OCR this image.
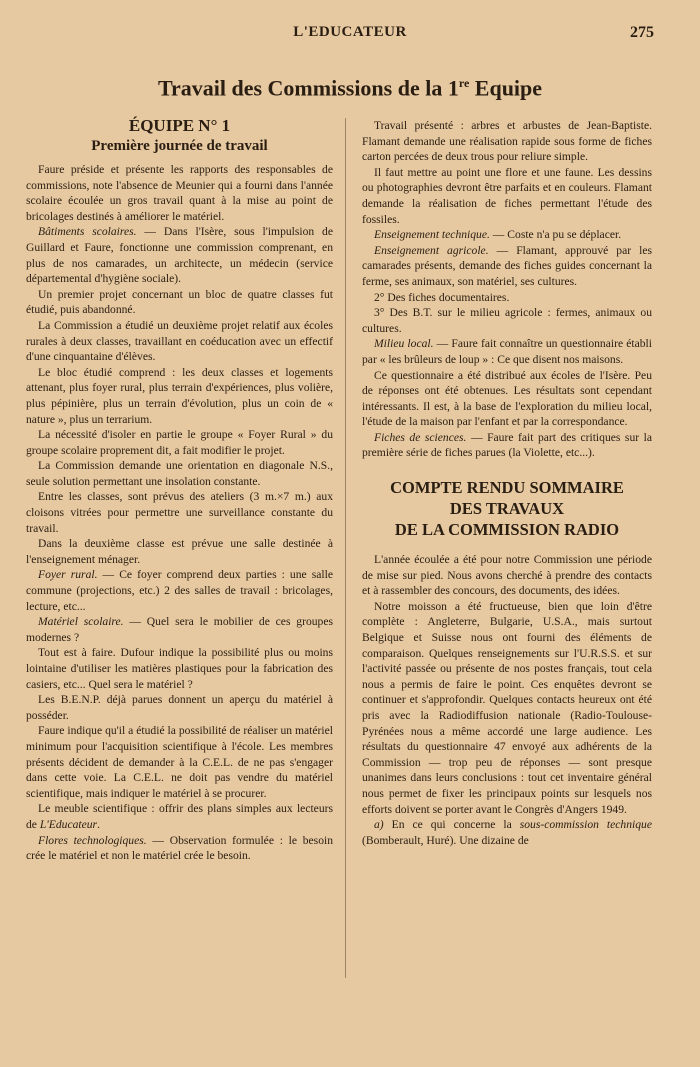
L'EDUCATEUR	275
Travail des Commissions de la 1re Equipe
ÉQUIPE N° 1
Première journée de travail

Faure préside et présente les rapports des responsables de commissions, note l'absence de Meunier qui a fourni dans l'année scolaire écoulée un gros travail quant à la mise au point de bricolages destinés à améliorer le matériel.

Bâtiments scolaires. — Dans l'Isère, sous l'impulsion de Guillard et Faure, fonctionne une commission comprenant, en plus de nos camarades, un architecte, un médecin (service départemental d'hygiène sociale).

Un premier projet concernant un bloc de quatre classes fut étudié, puis abandonné.

La Commission a étudié un deuxième projet relatif aux écoles rurales à deux classes, travaillant en coéducation avec un effectif d'une cinquantaine d'élèves.

Le bloc étudié comprend : les deux classes et logements attenant, plus foyer rural, plus terrain d'expériences, plus volière, plus pépinière, plus un terrain d'évolution, plus un coin de « nature », plus un terrarium.

La nécessité d'isoler en partie le groupe « Foyer Rural » du groupe scolaire proprement dit, a fait modifier le projet.

La Commission demande une orientation en diagonale N.S., seule solution permettant une insolation constante.

Entre les classes, sont prévus des ateliers (3 m.×7 m.) aux cloisons vitrées pour permettre une surveillance constante du travail.

Dans la deuxième classe est prévue une salle destinée à l'enseignement ménager.

Foyer rural. — Ce foyer comprend deux parties : une salle commune (projections, etc.) 2 des salles de travail : bricolages, lecture, etc...

Matériel scolaire. — Quel sera le mobilier de ces groupes modernes ?

Tout est à faire. Dufour indique la possibilité plus ou moins lointaine d'utiliser les matières plastiques pour la fabrication des casiers, etc... Quel sera le matériel ?

Les B.E.N.P. déjà parues donnent un aperçu du matériel à posséder.

Faure indique qu'il a étudié la possibilité de réaliser un matériel minimum pour l'acquisition scientifique à l'école. Les membres présents décident de demander à la C.E.L. de ne pas s'engager dans cette voie. La C.E.L. ne doit pas vendre du matériel scientifique, mais indiquer le matériel à se procurer.

Le meuble scientifique : offrir des plans simples aux lecteurs de L'Educateur.

Flores technologiques. — Observation formulée : le besoin crée le matériel et non le matériel crée le besoin.

Travail présenté : arbres et arbustes de Jean-Baptiste. Flamant demande une réalisation rapide sous forme de fiches carton percées de deux trous pour reliure simple.

Il faut mettre au point une flore et une faune. Les dessins ou photographies devront être parfaits et en couleurs. Flamant demande la réalisation de fiches permettant l'étude des fossiles.

Enseignement technique. — Coste n'a pu se déplacer.

Enseignement agricole. — Flamant, approuvé par les camarades présents, demande des fiches guides concernant la ferme, ses animaux, son matériel, ses cultures.

2° Des fiches documentaires.

3° Des B.T. sur le milieu agricole : fermes, animaux ou cultures.

Milieu local. — Faure fait connaître un questionnaire établi par « les brûleurs de loup » : Ce que disent nos maisons.

Ce questionnaire a été distribué aux écoles de l'Isère. Peu de réponses ont été obtenues. Les résultats sont cependant intéressants. Il est, à la base de l'exploration du milieu local, l'étude de la maison par l'enfant et par la correspondance.

Fiches de sciences. — Faure fait part des critiques sur la première série de fiches parues (la Violette, etc...).

COMPTE RENDU SOMMAIRE
DES TRAVAUX
DE LA COMMISSION RADIO

L'année écoulée a été pour notre Commission une période de mise sur pied. Nous avons cherché à prendre des contacts et à rassembler des concours, des documents, des idées.

Notre moisson a été fructueuse, bien que loin d'être complète : Angleterre, Bulgarie, U.S.A., mais surtout Belgique et Suisse nous ont fourni des éléments de comparaison. Quelques renseignements sur l'U.R.S.S. et sur l'activité passée ou présente de nos postes français, tout cela nous a permis de faire le point. Ces enquêtes devront se continuer et s'approfondir. Quelques contacts heureux ont été pris avec la Radiodiffusion nationale (Radio-Toulouse-Pyrénées nous a même accordé une large audience. Les résultats du questionnaire 47 envoyé aux adhérents de la Commission — trop peu de réponses — sont presque unanimes dans leurs conclusions : tout cet inventaire général nous permet de fixer les principaux points sur lesquels nos efforts doivent se porter avant le Congrès d'Angers 1949.

a) En ce qui concerne la sous-commission technique (Bomberault, Huré). Une dizaine de
